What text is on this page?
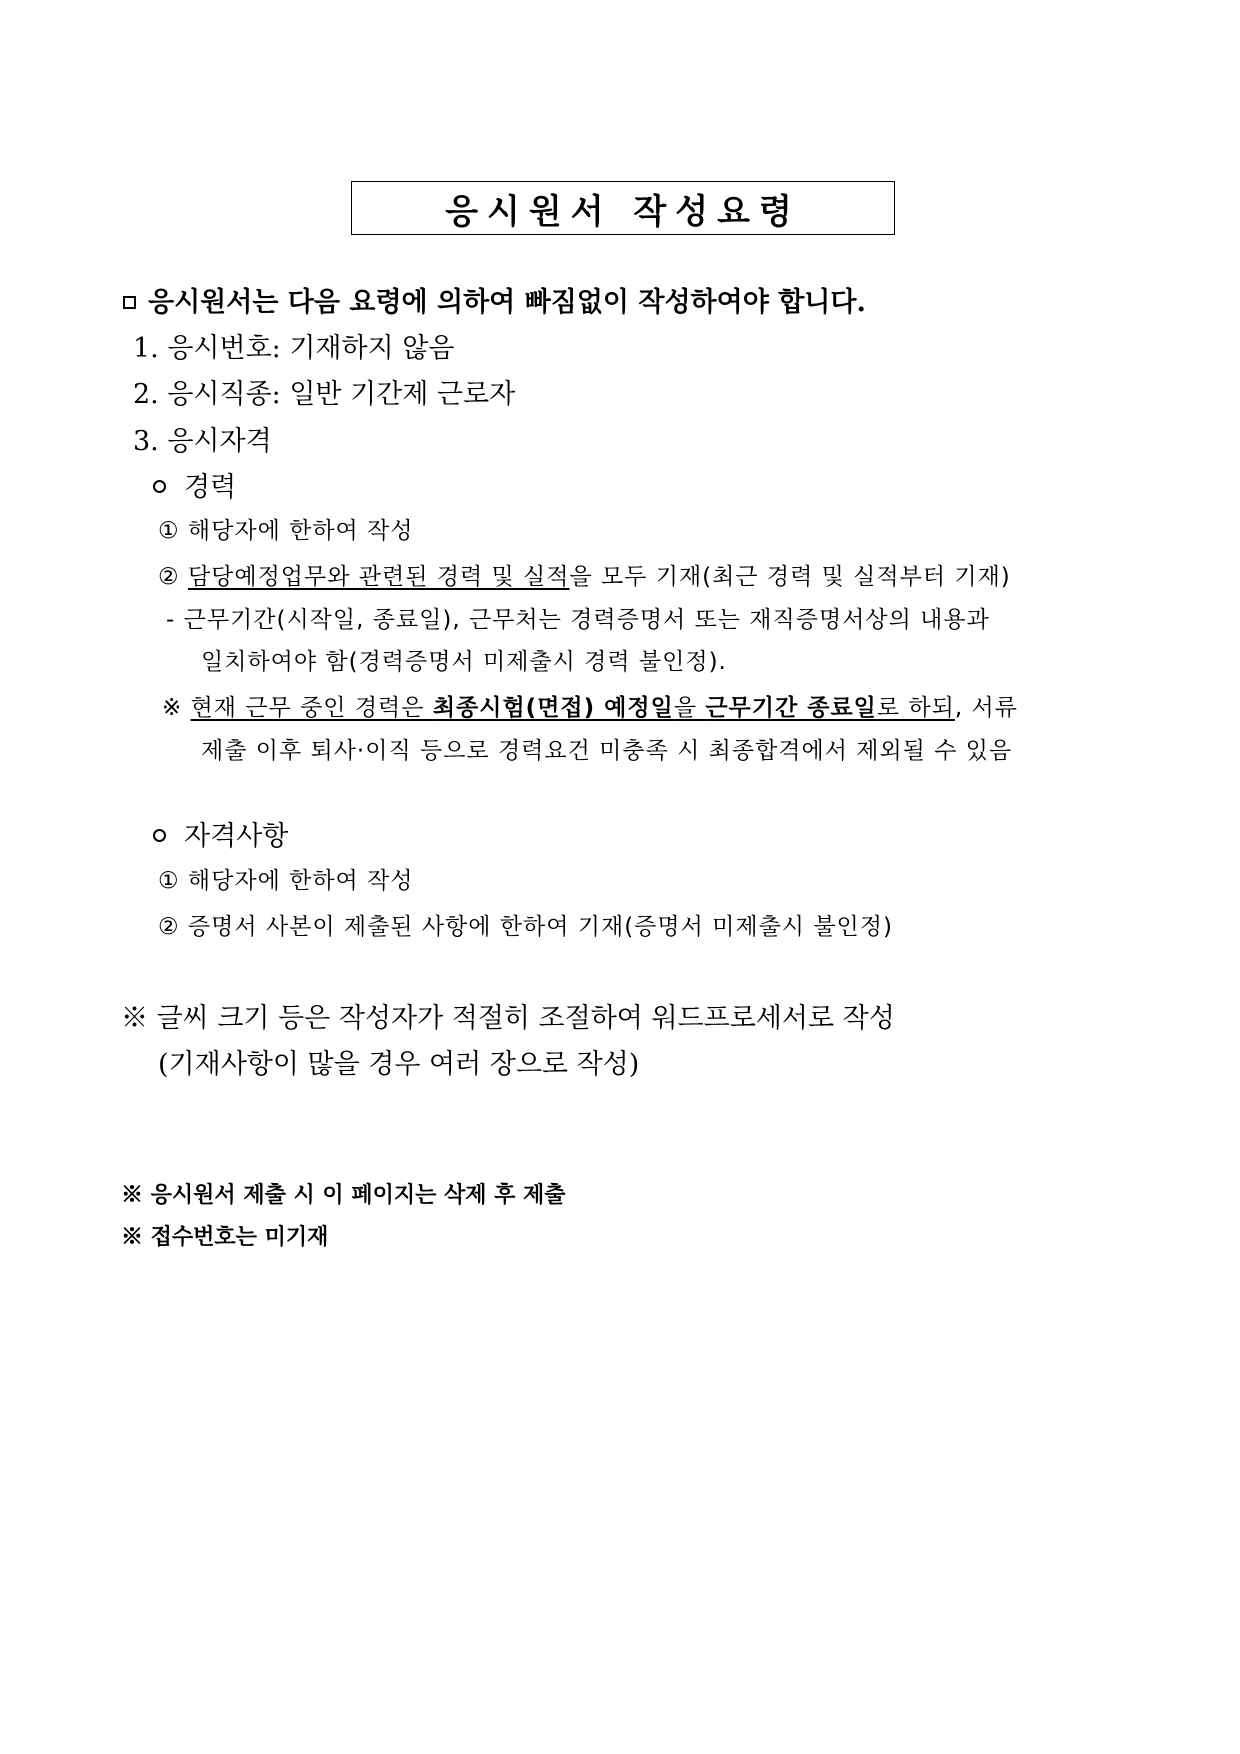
응시원서 작성요령
응시원서는 다음 요령에 의하여 빠짐없이 작성하여야 합니다.
1. 응시번호: 기재하지 않음
2. 응시직종: 일반 기간제 근로자
3. 응시자격
경력
① 해당자에 한하여 작성
② 담당예정업무와 관련된 경력 및 실적을 모두 기재(최근 경력 및 실적부터 기재)
- 근무기간(시작일, 종료일), 근무처는 경력증명서 또는 재직증명서상의 내용과
일치하여야 함(경력증명서 미제출시 경력 불인정).
※ 현재 근무 중인 경력은 최종시험(면접) 예정일을 근무기간 종료일로 하되, 서류
제출 이후 퇴사·이직 등으로 경력요건 미충족 시 최종합격에서 제외될 수 있음
자격사항
① 해당자에 한하여 작성
② 증명서 사본이 제출된 사항에 한하여 기재(증명서 미제출시 불인정)
※ 글씨 크기 등은 작성자가 적절히 조절하여 워드프로세서로 작성
(기재사항이 많을 경우 여러 장으로 작성)
※ 응시원서 제출 시 이 페이지는 삭제 후 제출
※ 접수번호는 미기재
